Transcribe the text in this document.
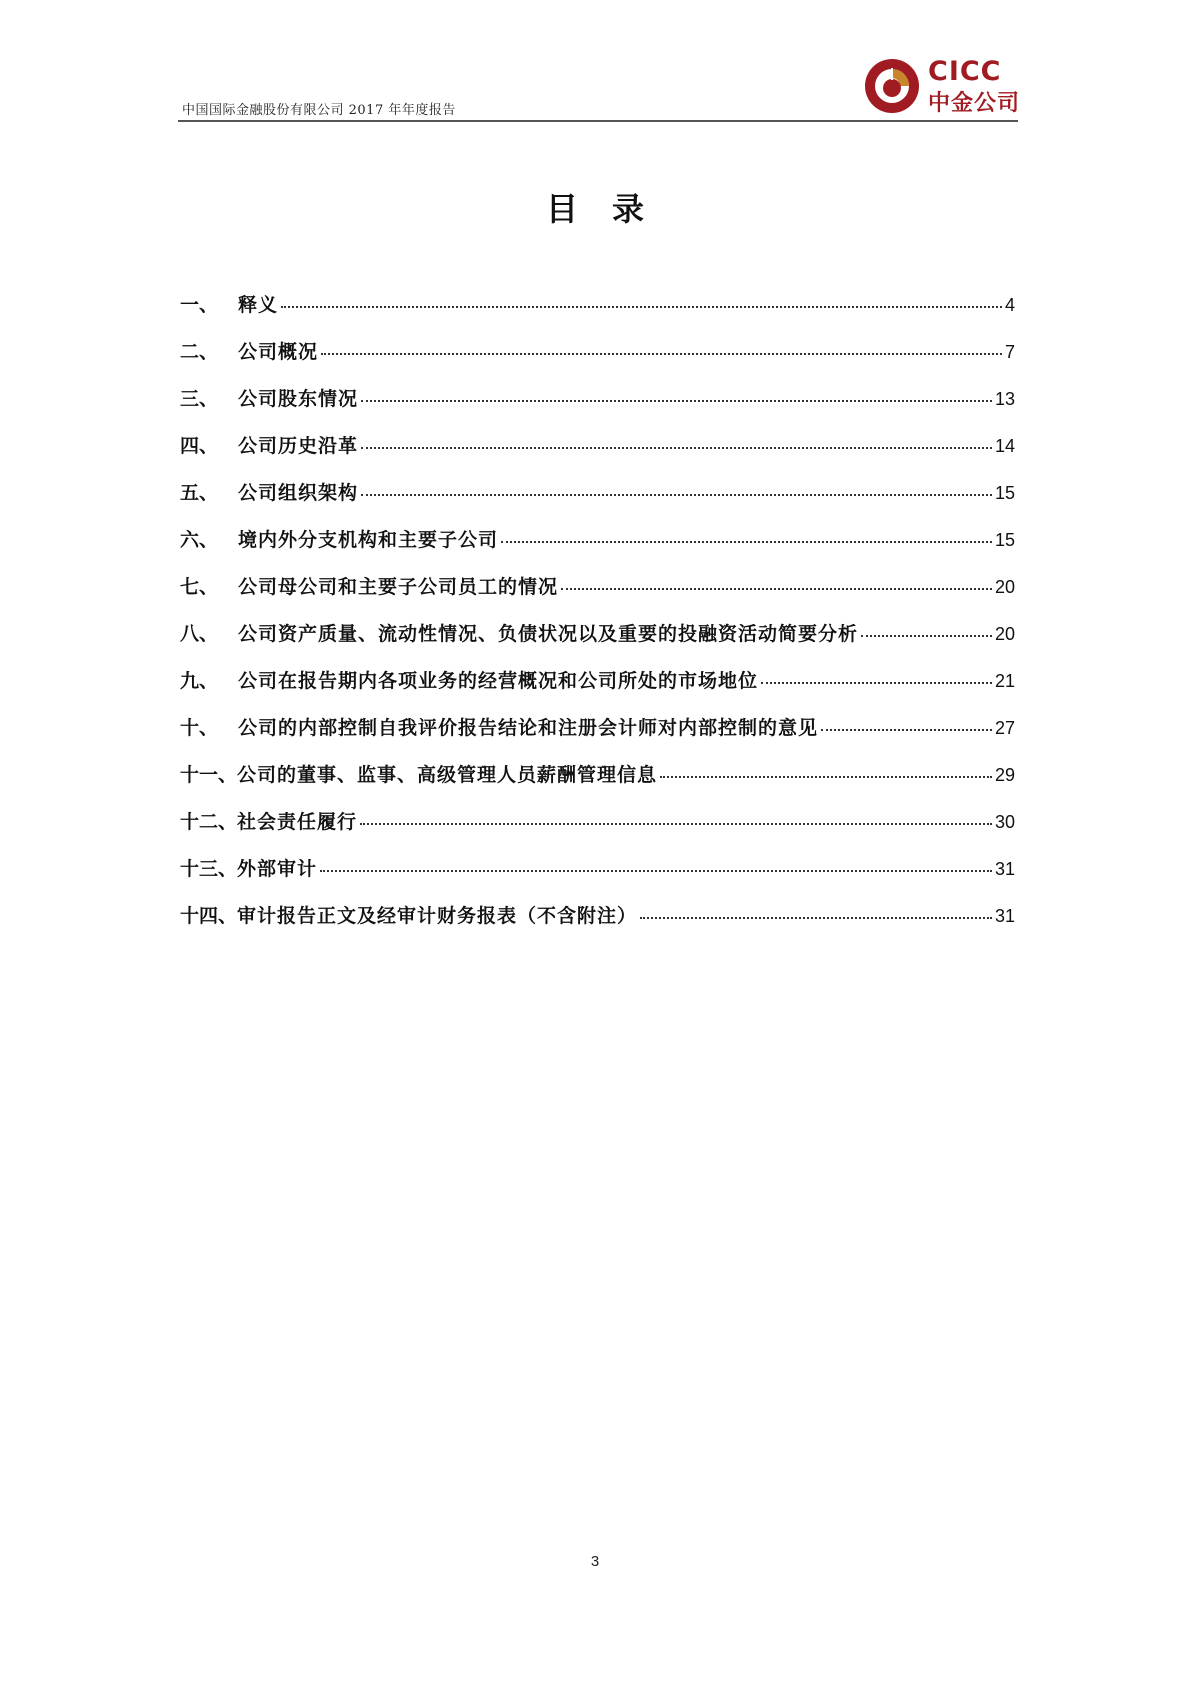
中国国际金融股份有限公司 2017 年年度报告
CICC
中金公司
目录
一、	释义	4
二、	公司概况	7
三、	公司股东情况	13
四、	公司历史沿革	14
五、	公司组织架构	15
六、	境内外分支机构和主要子公司	15
七、	公司母公司和主要子公司员工的情况	20
八、	公司资产质量、流动性情况、负债状况以及重要的投融资活动简要分析	20
九、	公司在报告期内各项业务的经营概况和公司所处的市场地位	21
十、	公司的内部控制自我评价报告结论和注册会计师对内部控制的意见	27
十一、 公司的董事、监事、高级管理人员薪酬管理信息	29
十二、 社会责任履行	30
十三、 外部审计	31
十四、 审计报告正文及经审计财务报表（不含附注）	31
3
